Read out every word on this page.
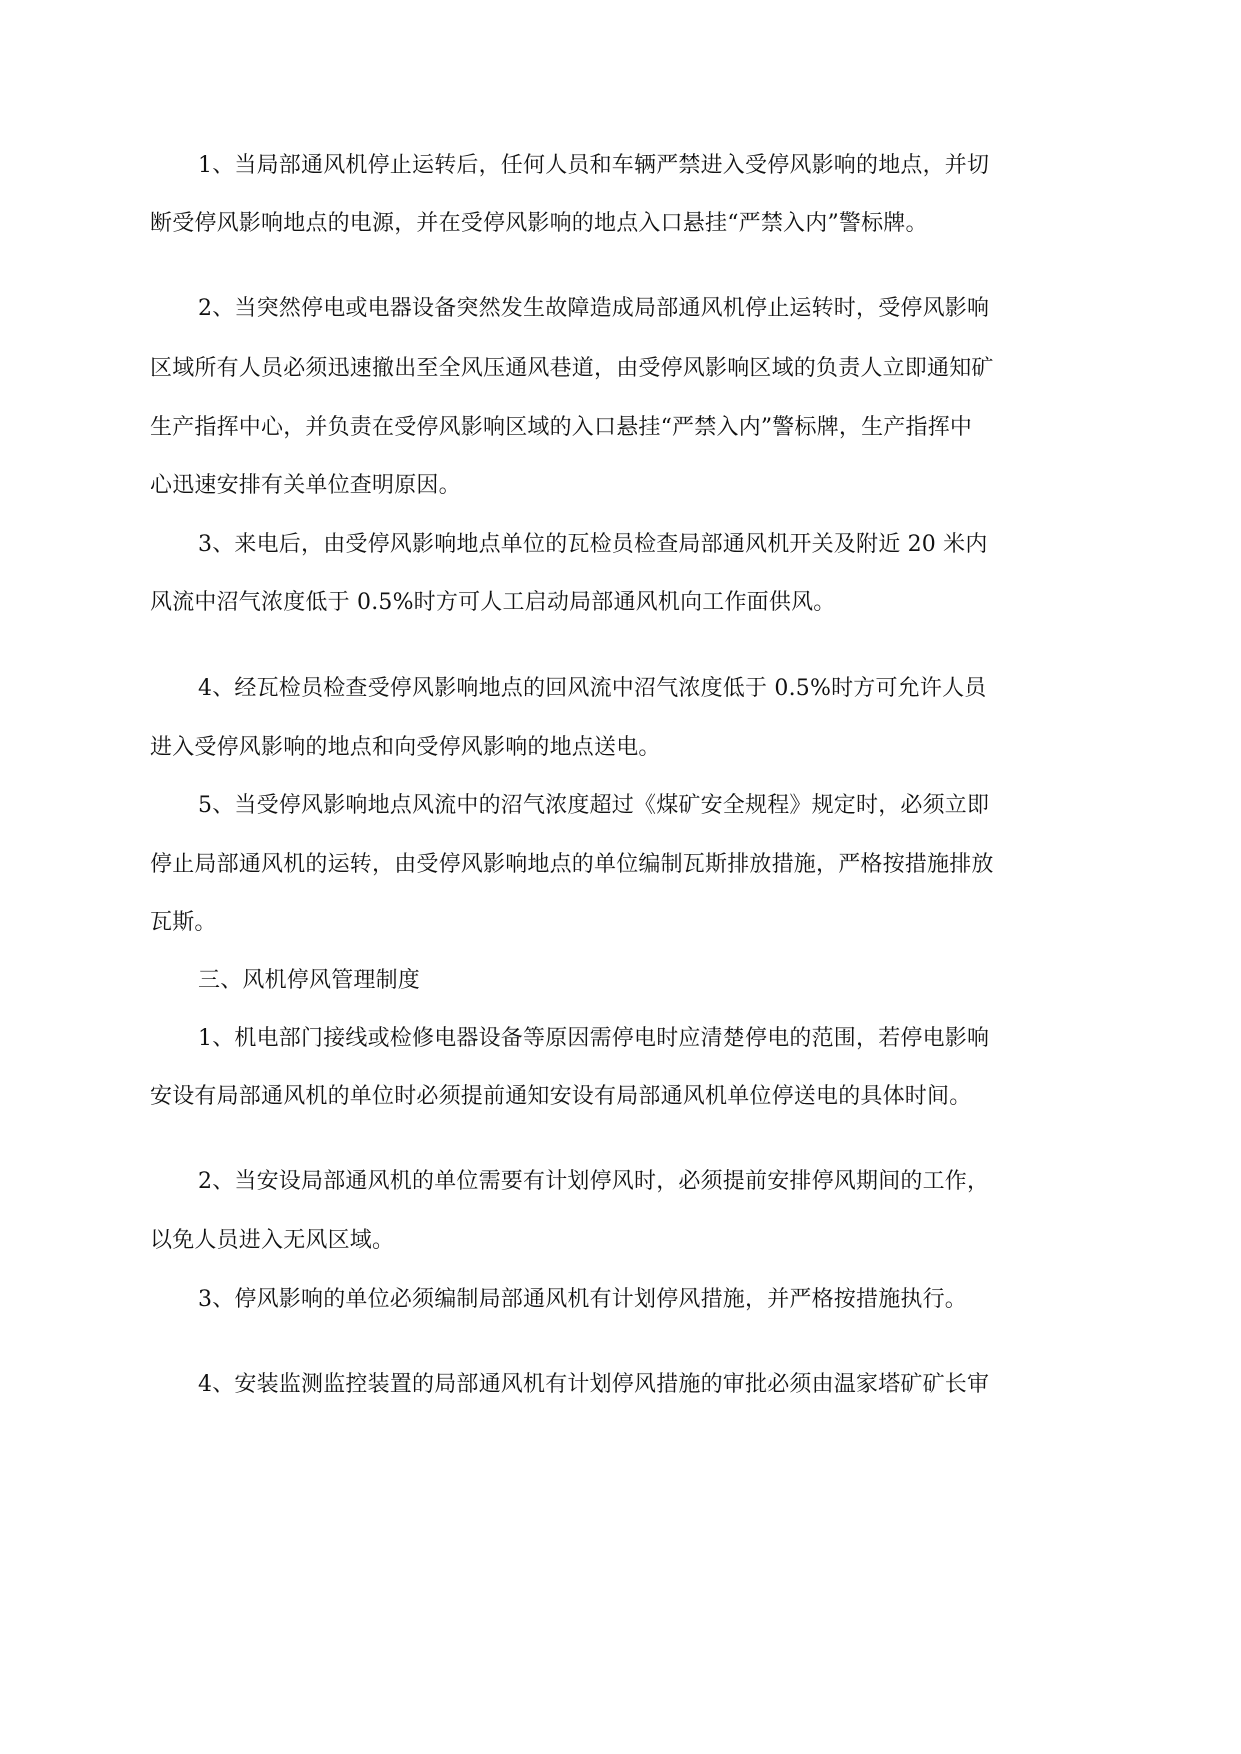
1、当局部通风机停止运转后，任何人员和车辆严禁进入受停风影响的地点，并切

断受停风影响地点的电源，并在受停风影响的地点入口悬挂“严禁入内”警标牌。

2、当突然停电或电器设备突然发生故障造成局部通风机停止运转时，受停风影响

区域所有人员必须迅速撤出至全风压通风巷道，由受停风影响区域的负责人立即通知矿

生产指挥中心，并负责在受停风影响区域的入口悬挂“严禁入内”警标牌，生产指挥中

心迅速安排有关单位查明原因。

3、来电后，由受停风影响地点单位的瓦检员检查局部通风机开关及附近 20 米内

风流中沼气浓度低于 0.5%时方可人工启动局部通风机向工作面供风。

4、经瓦检员检查受停风影响地点的回风流中沼气浓度低于 0.5%时方可允许人员

进入受停风影响的地点和向受停风影响的地点送电。

5、当受停风影响地点风流中的沼气浓度超过《煤矿安全规程》规定时，必须立即

停止局部通风机的运转，由受停风影响地点的单位编制瓦斯排放措施，严格按措施排放

瓦斯。

三、风机停风管理制度

1、机电部门接线或检修电器设备等原因需停电时应清楚停电的范围，若停电影响

安设有局部通风机的单位时必须提前通知安设有局部通风机单位停送电的具体时间。

2、当安设局部通风机的单位需要有计划停风时，必须提前安排停风期间的工作，

以免人员进入无风区域。

3、停风影响的单位必须编制局部通风机有计划停风措施，并严格按措施执行。

4、安装监测监控装置的局部通风机有计划停风措施的审批必须由温家塔矿矿长审
